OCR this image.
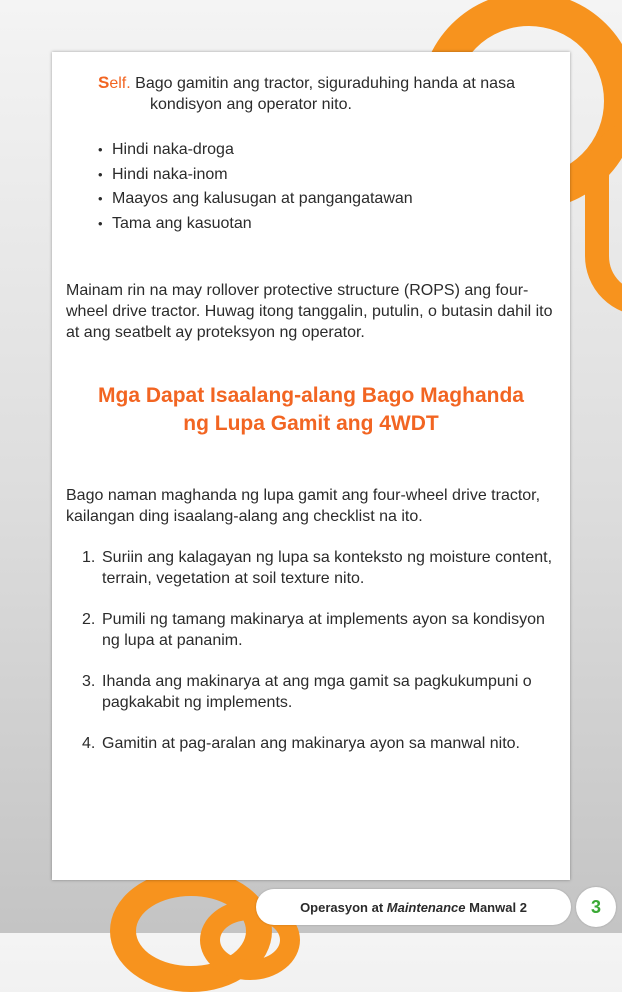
Self. Bago gamitin ang tractor, siguraduhing handa at nasa
kondisyon ang operator nito.
• Hindi naka-droga
• Hindi naka-inom
• Maayos ang kalusugan at pangangatawan
• Tama ang kasuotan
Mainam rin na may rollover protective structure (ROPS) ang four-wheel drive tractor. Huwag itong tanggalin, putulin, o butasin dahil ito at ang seatbelt ay proteksyon ng operator.
Mga Dapat Isaalang-alang Bago Maghanda
ng Lupa Gamit ang 4WDT
Bago naman maghanda ng lupa gamit ang four-wheel drive tractor, kailangan ding isaalang-alang ang checklist na ito.
1. Suriin ang kalagayan ng lupa sa konteksto ng moisture content, terrain, vegetation at soil texture nito.
2. Pumili ng tamang makinarya at implements ayon sa kondisyon ng lupa at pananim.
3. Ihanda ang makinarya at ang mga gamit sa pagkukumpuni o pagkakabit ng implements.
4. Gamitin at pag-aralan ang makinarya ayon sa manwal nito.
Operasyon at Maintenance Manwal 2	3
